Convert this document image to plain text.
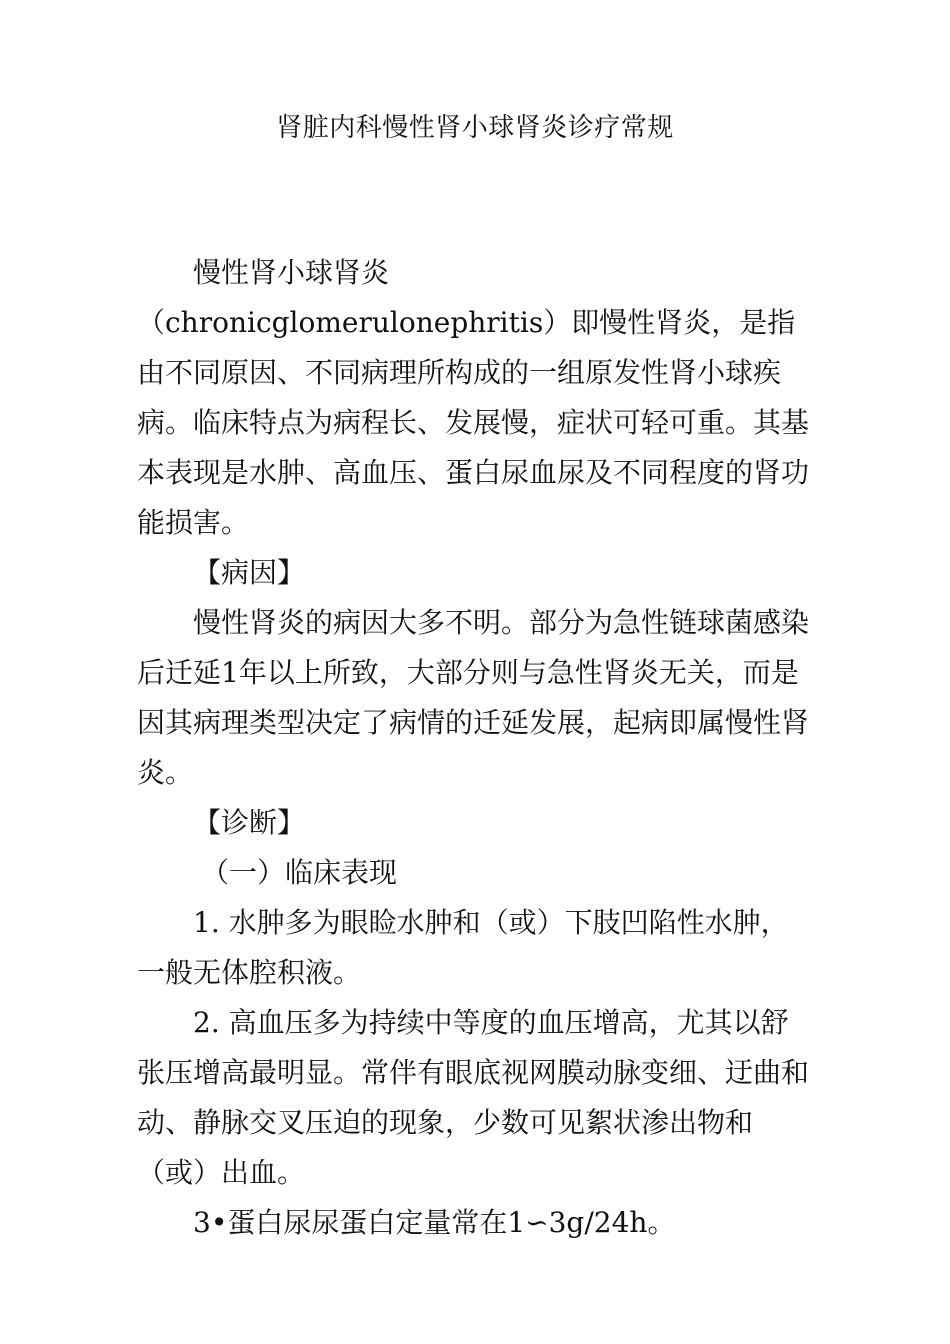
肾脏内科慢性肾小球肾炎诊疗常规

慢性肾小球肾炎（chronicglomerulonephritis）即慢性肾炎，是指由不同原因、不同病理所构成的一组原发性肾小球疾病。临床特点为病程长、发展慢，症状可轻可重。其基本表现是水肿、高血压、蛋白尿血尿及不同程度的肾功能损害。

【病因】

慢性肾炎的病因大多不明。部分为急性链球菌感染后迁延1年以上所致，大部分则与急性肾炎无关，而是因其病理类型决定了病情的迁延发展，起病即属慢性肾炎。

【诊断】

（一）临床表现

1. 水肿多为眼睑水肿和（或）下肢凹陷性水肿，一般无体腔积液。

2. 高血压多为持续中等度的血压增高，尤其以舒张压增高最明显。常伴有眼底视网膜动脉变细、迂曲和动、静脉交叉压迫的现象，少数可见絮状渗出物和（或）出血。

3•蛋白尿尿蛋白定量常在1∽3g/24h。
